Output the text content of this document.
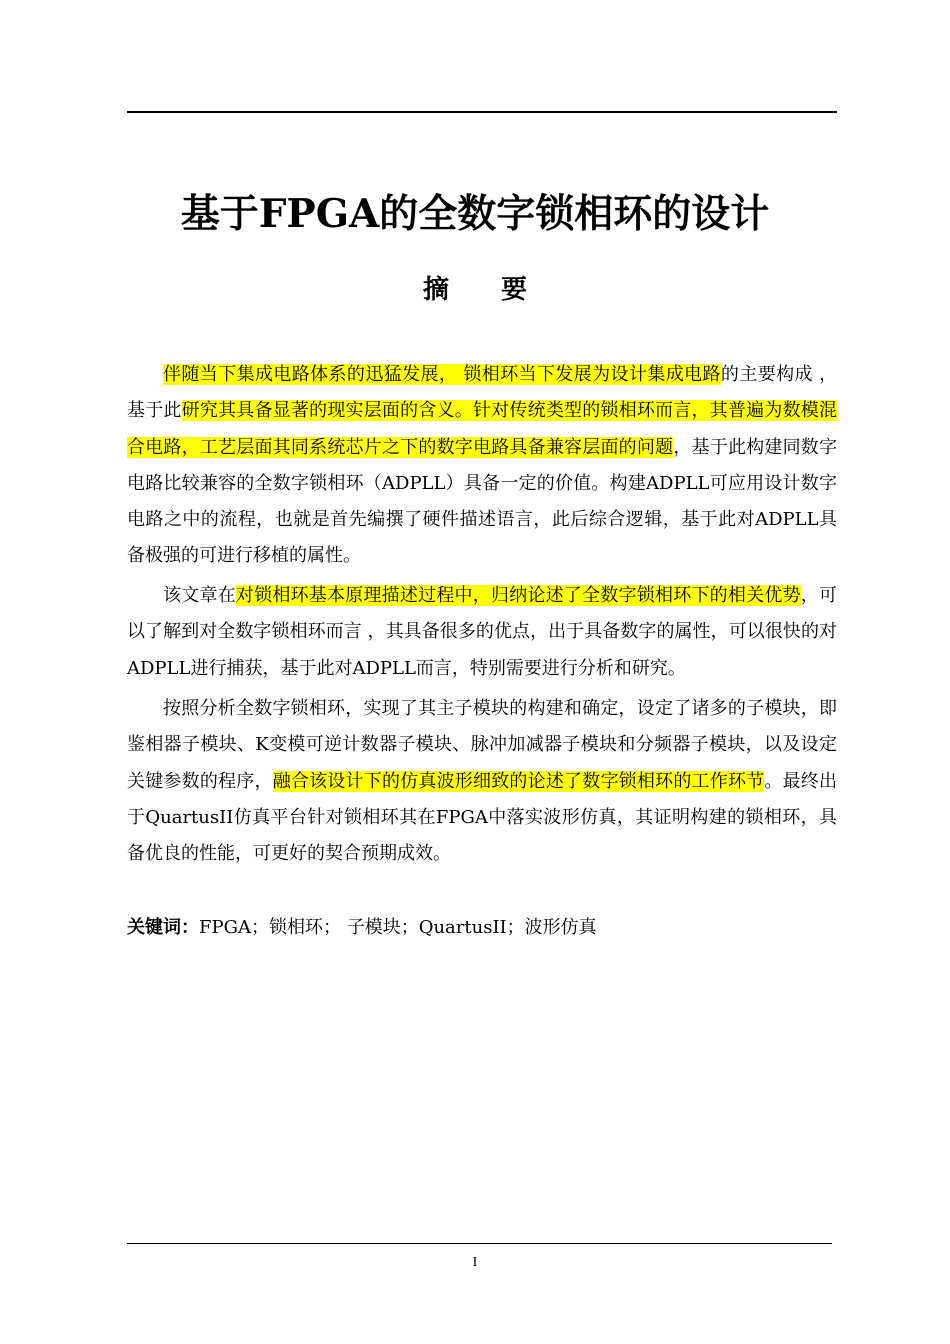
基于FPGA的全数字锁相环的设计
摘要

伴随当下集成电路体系的迅猛发展， 锁相环当下发展为设计集成电路的主要构成 ，基于此研究其具备显著的现实层面的含义。针对传统类型的锁相环而言，其普遍为数模混合电路，工艺层面其同系统芯片之下的数字电路具备兼容层面的问题，基于此构建同数字电路比较兼容的全数字锁相环（ADPLL）具备一定的价值。构建ADPLL可应用设计数字电路之中的流程，也就是首先编撰了硬件描述语言，此后综合逻辑，基于此对ADPLL具备极强的可进行移植的属性。

该文章在对锁相环基本原理描述过程中，归纳论述了全数字锁相环下的相关优势，可以了解到对全数字锁相环而言 ，其具备很多的优点，出于具备数字的属性，可以很快的对ADPLL进行捕获，基于此对ADPLL而言，特别需要进行分析和研究。

按照分析全数字锁相环，实现了其主子模块的构建和确定，设定了诸多的子模块，即鉴相器子模块、K变模可逆计数器子模块、脉冲加减器子模块和分频器子模块，以及设定关键参数的程序，融合该设计下的仿真波形细致的论述了数字锁相环的工作环节。最终出于QuartusII仿真平台针对锁相环其在FPGA中落实波形仿真，其证明构建的锁相环，具备优良的性能，可更好的契合预期成效。

关键词：FPGA；锁相环； 子模块；QuartusII；波形仿真
I
